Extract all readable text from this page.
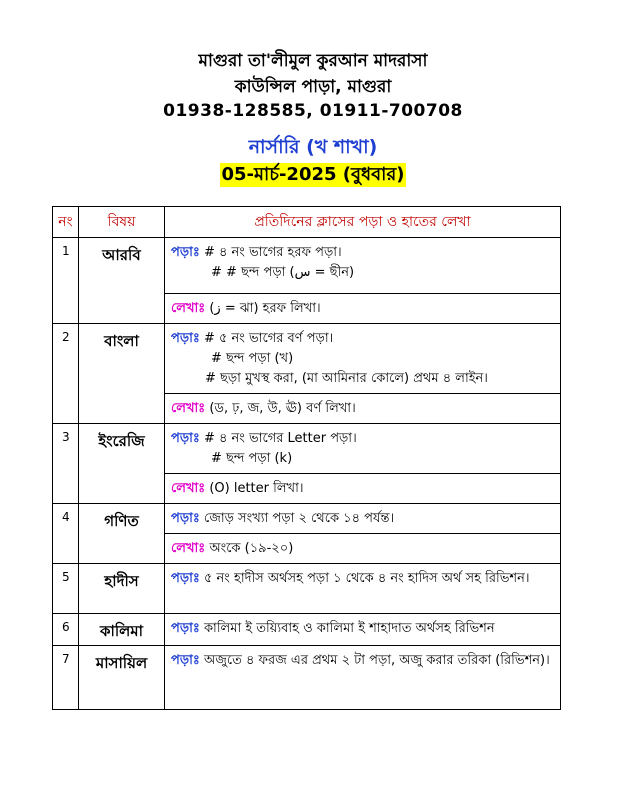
মাগুরা তা'লীমুল কুরআন মাদরাসা
কাউন্সিল পাড়া, মাগুরা
01938-128585, 01911-700708
নার্সারি (খ শাখা)
05-মার্চ-2025 (বুধবার)
নং	বিষয়	প্রতিদিনের ক্লাসের পড়া ও হাতের লেখা
1	আরবি	পড়াঃ # ৪ নং ভাগের হরফ পড়া।
# # ছন্দ পড়া (س = ছীন)

		লেখাঃ (ز = ঝা) হরফ লিখা।
2	বাংলা	পড়াঃ # ৫ নং ভাগের বর্ণ পড়া।
# ছন্দ পড়া (খ)
# ছড়া মুখস্থ করা, (মা আমিনার কোলে) প্রথম ৪ লাইন।

		লেখাঃ (ড, ঢ়, জ, উ, ঊ) বর্ণ লিখা।
3	ইংরেজি	পড়াঃ # ৪ নং ভাগের Letter পড়া।
# ছন্দ পড়া (k)

		লেখাঃ (O) letter লিখা।
4	গণিত	পড়াঃ জোড় সংখ্যা পড়া ২ থেকে ১৪ পর্যন্ত।
		লেখাঃ অংকে (১৯-২০)
5	হাদীস	পড়াঃ ৫ নং হাদীস অর্থসহ পড়া ১ থেকে ৪ নং হাদিস অর্থ সহ রিভিশন।
6	কালিমা	পড়াঃ কালিমা ই তয়্যিবাহ ও কালিমা ই শাহাদাত অর্থসহ রিভিশন
7	মাসায়িল	পড়াঃ অজুতে ৪ ফরজ এর প্রথম ২ টা পড়া, অজু করার তরিকা (রিভিশন)।
